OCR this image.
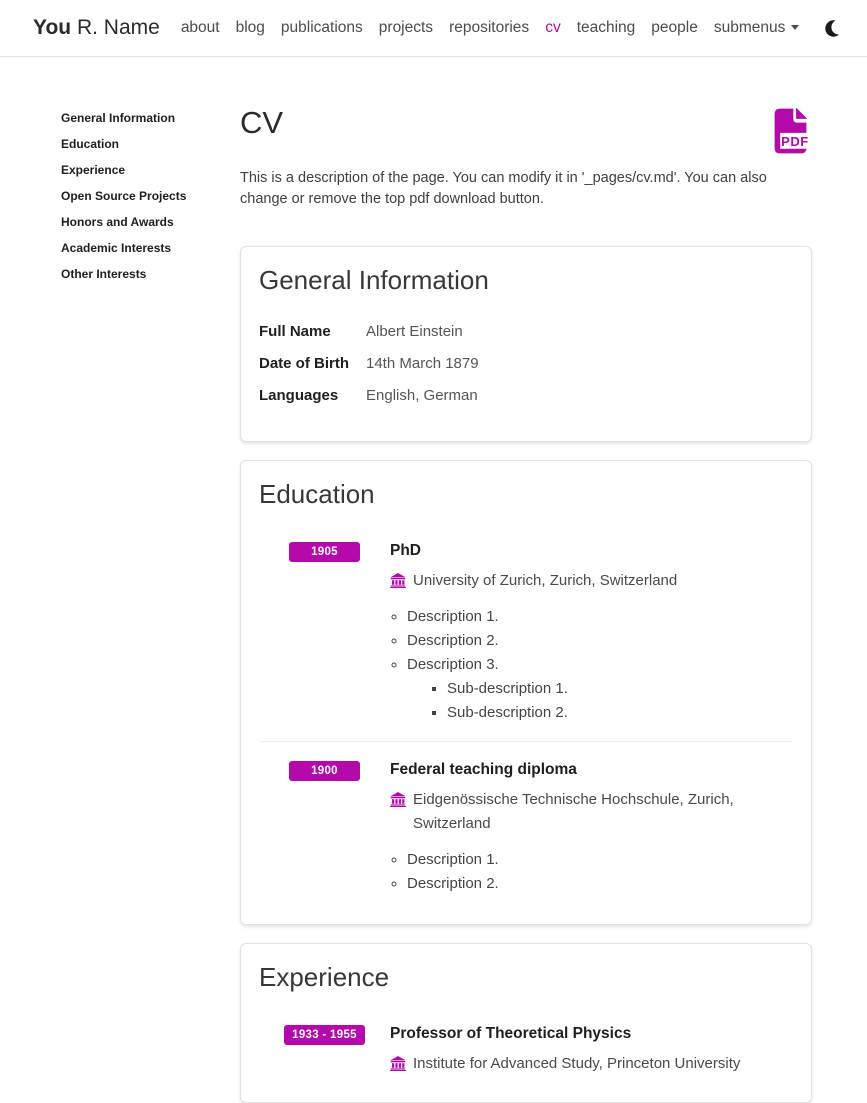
You R. Name about blog publications projects repositories cv teaching people submenus
General Information
Education
Experience
Open Source Projects
Honors and Awards
Academic Interests
Other Interests
CV
PDF

This is a description of the page. You can modify it in '_pages/cv.md'. You can also change or remove the top pdf download button.

General Information
Full Name	Albert Einstein
Date of Birth	14th March 1879
Languages	English, German
Education
1905	PhD
University of Zurich, Zurich, Switzerland
◦ Description 1.
◦ Description 2.
◦ Description 3.
▪ Sub-description 1.
▪ Sub-description 2.
1900	Federal teaching diploma
Eidgenössische Technische Hochschule, Zurich, Switzerland
◦ Description 1.
◦ Description 2.
Experience
1933 - 1955	Professor of Theoretical Physics
Institute for Advanced Study, Princeton University
